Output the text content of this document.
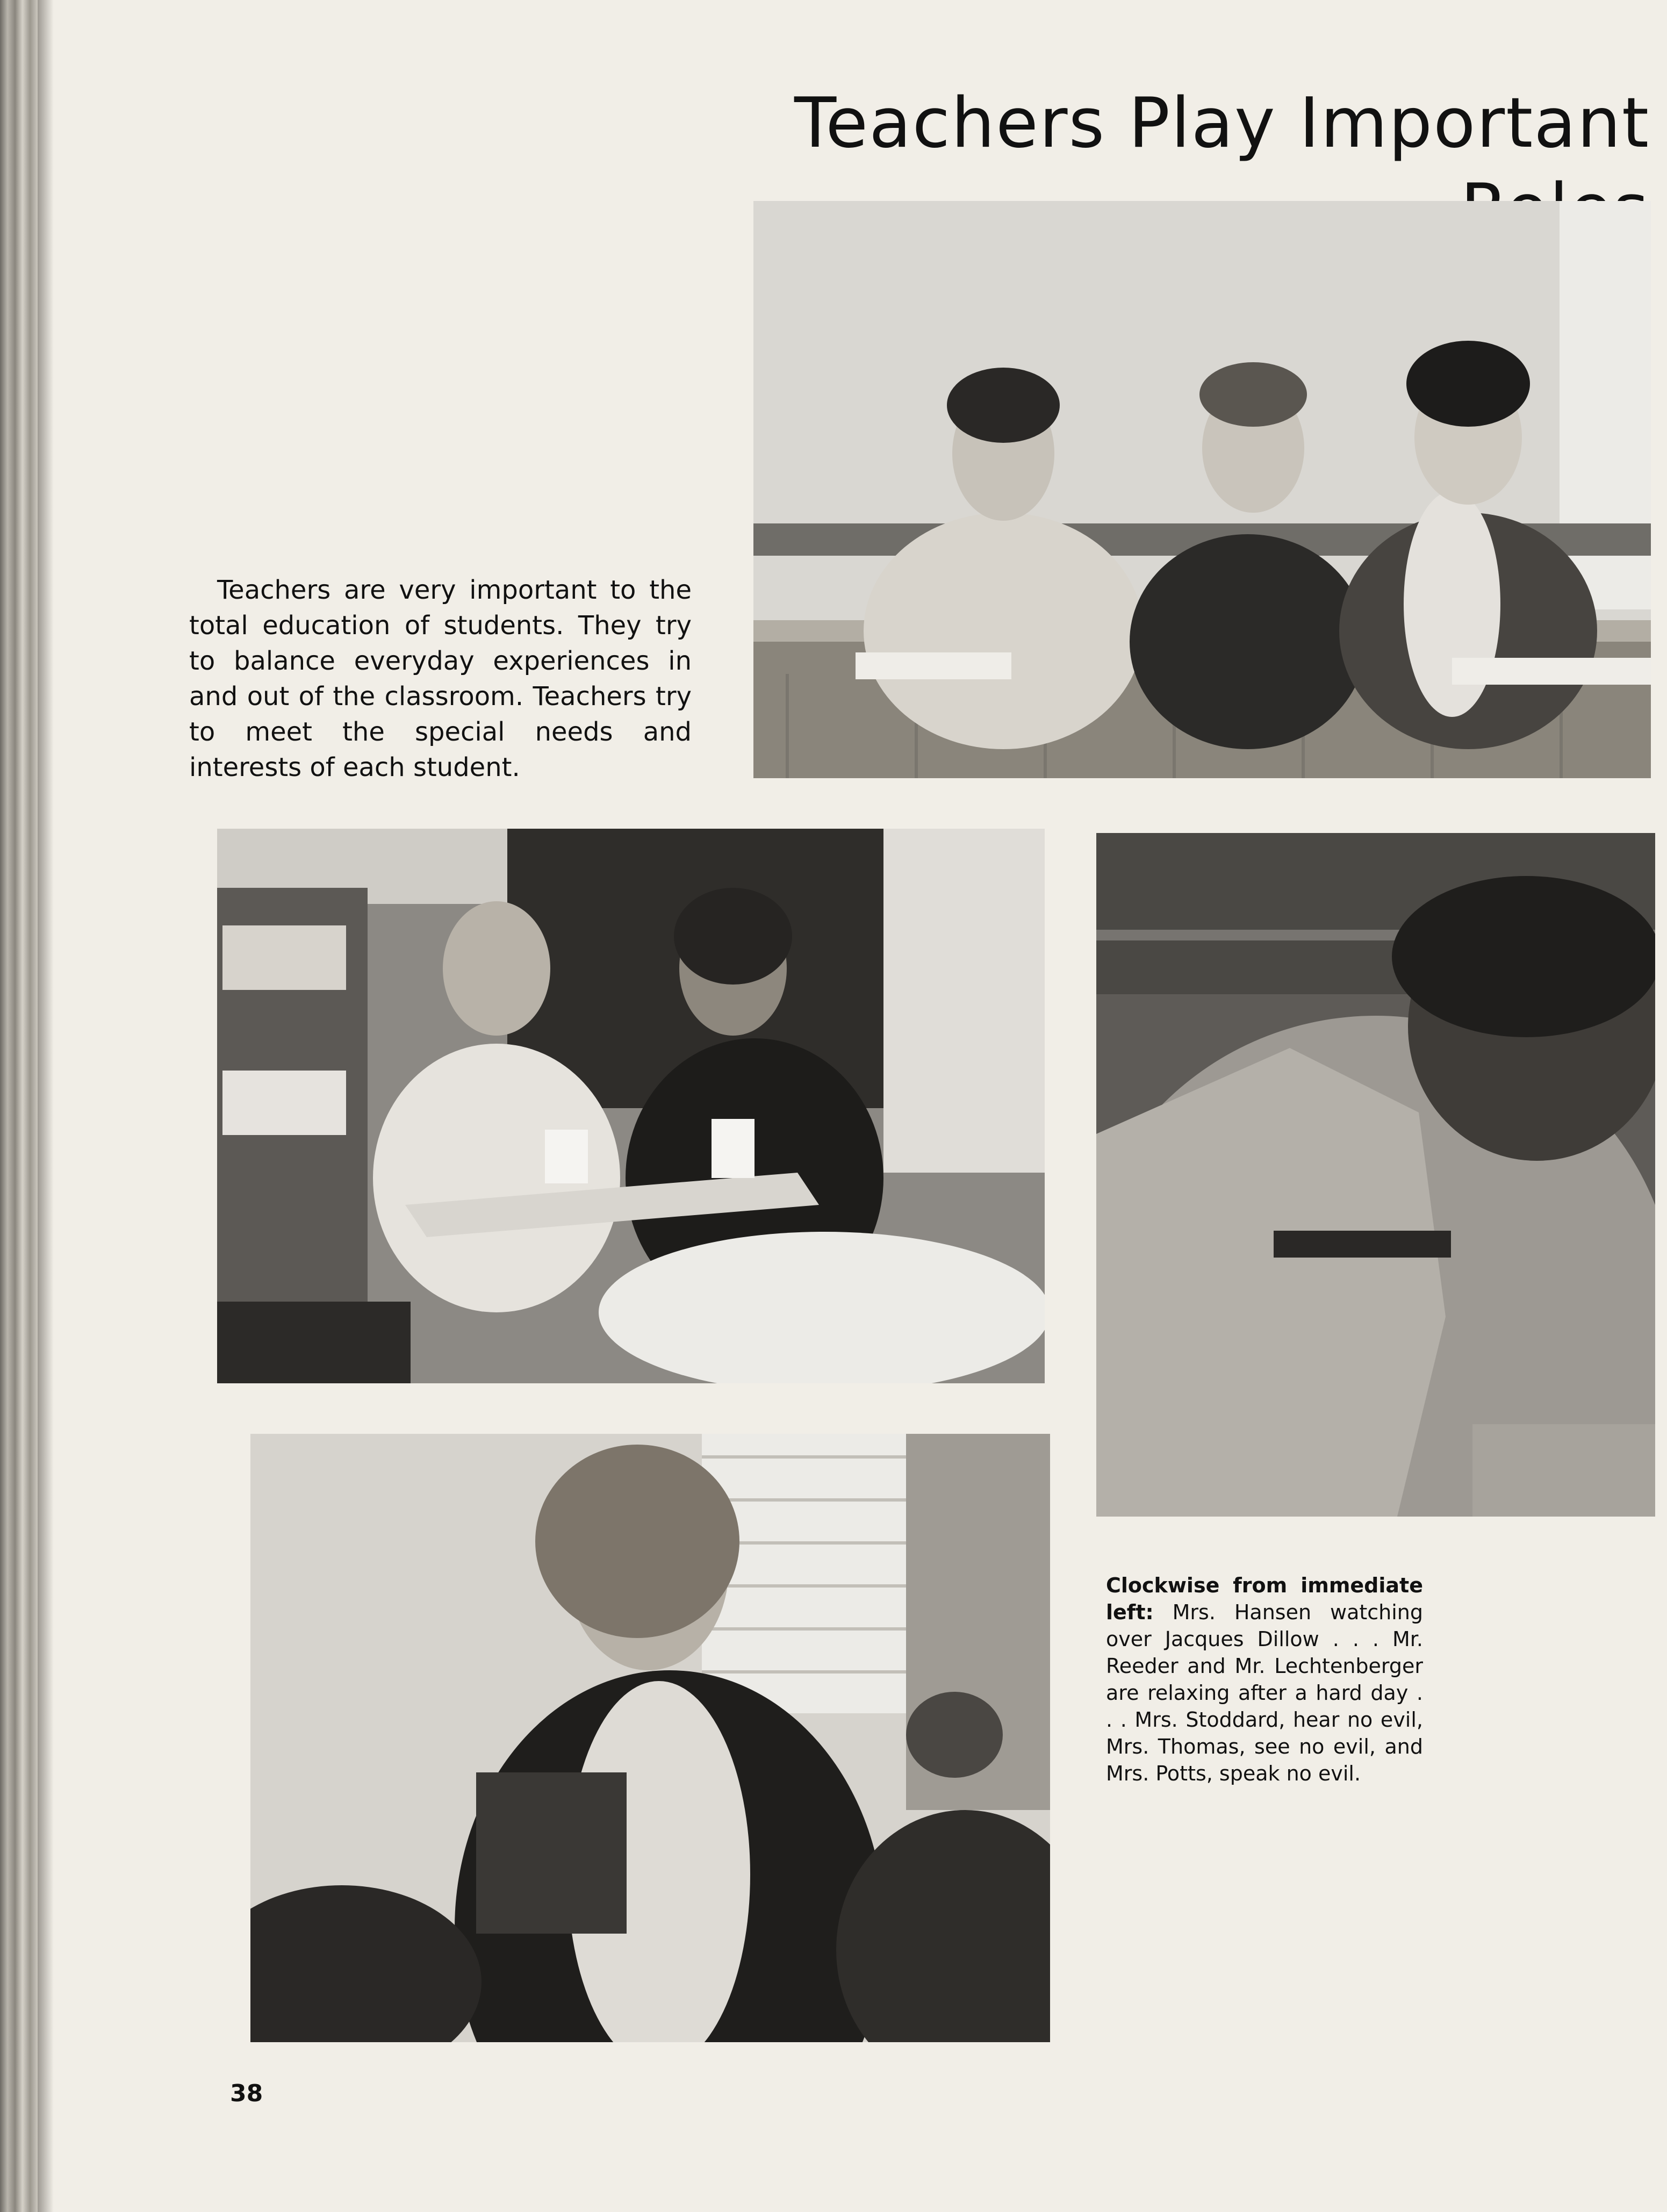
Teachers Play Important

Teachers are very important to the total education of students. They try to balance everyday experiences in and out of the classroom. Teachers try to meet the special needs and interests of each student.

Clockwise from immediate left: Mrs. Hansen watching over Jacques Dillow . . . Mr. Reeder and Mr. Lechtenberger are relaxing after a hard day . . . Mrs. Stoddard, hear no evil, Mrs. Thomas, see no evil, and Mrs. Potts, speak no evil.

38
